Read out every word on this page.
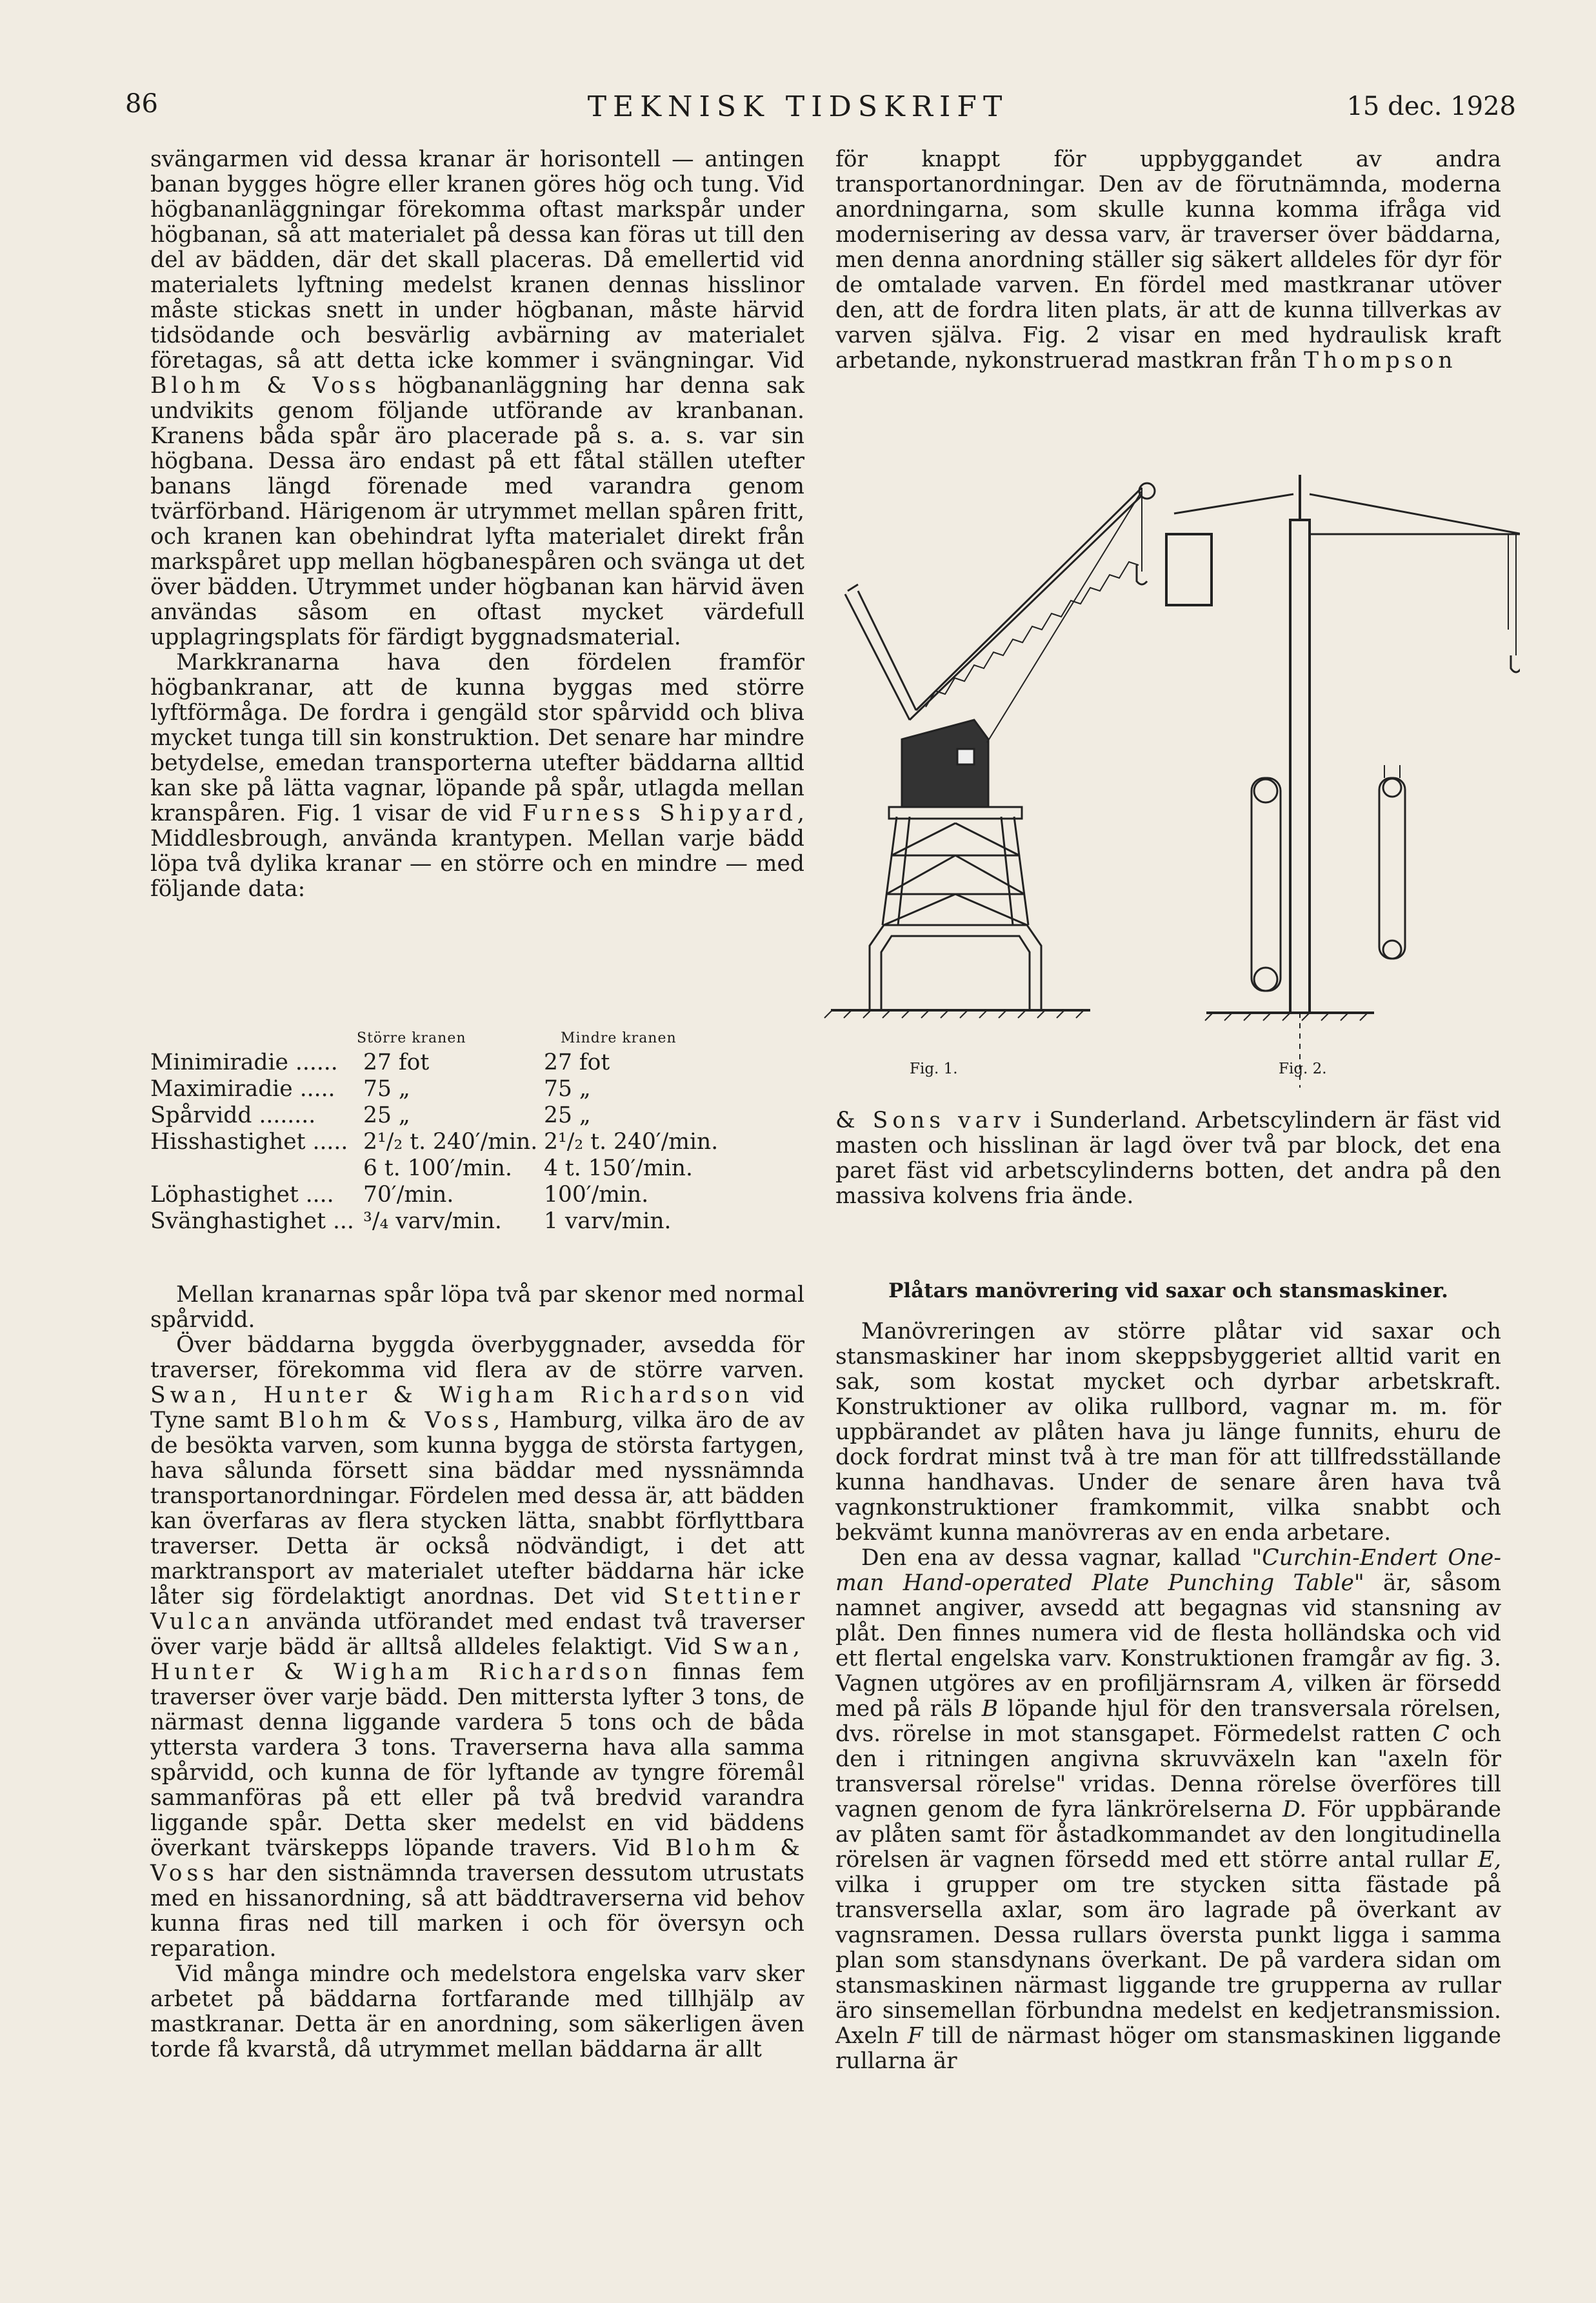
86	TEKNISK TIDSKRIFT	15 dec. 1928

svängarmen vid dessa kranar är horisontell — antingen banan bygges högre eller kranen göres hög och tung. Vid högbananläggningar förekomma oftast markspår under högbanan, så att materialet på dessa kan föras ut till den del av bädden, där det skall placeras. Då emellertid vid materialets lyftning medelst kranen dennas hisslinor måste stickas snett in under högbanan, måste härvid tidsödande och besvärlig avbärning av materialet företagas, så att detta icke kommer i svängningar. Vid Blohm & Voss högbananläggning har denna sak undvikits genom följande utförande av kranbanan. Kranens båda spår äro placerade på s. a. s. var sin högbana. Dessa äro endast på ett fåtal ställen utefter banans längd förenade med varandra genom tvärförband. Härigenom är utrymmet mellan spåren fritt, och kranen kan obehindrat lyfta materialet direkt från markspåret upp mellan högbanespåren och svänga ut det över bädden. Utrymmet under högbanan kan härvid även användas såsom en oftast mycket värdefull upplagringsplats för färdigt byggnadsmaterial.

Markkranarna hava den fördelen framför högbankranar, att de kunna byggas med större lyftförmåga. De fordra i gengäld stor spårvidd och bliva mycket tunga till sin konstruktion. Det senare har mindre betydelse, emedan transporterna utefter bäddarna alltid kan ske på lätta vagnar, löpande på spår, utlagda mellan kranspåren. Fig. 1 visar de vid Furness Shipyard, Middlesbrough, använda krantypen. Mellan varje bädd löpa två dylika kranar — en större och en mindre — med följande data:

Större kranen		Mindre kranen
Minimiradie ......	27 fot	27 fot
Maximiradie .....	75 „	75 „
Spårvidd ........	25 „	25 „
Hisshastighet .....	2¹/₂ t. 240′/min.	2¹/₂ t. 240′/min.
	6 t. 100′/min.	4 t. 150′/min.
Löphastighet ....	70′/min.	100′/min.
Svänghastighet ...	³/₄ varv/min.	1 varv/min.

Mellan kranarnas spår löpa två par skenor med normal spårvidd.

Över bäddarna byggda överbyggnader, avsedda för traverser, förekomma vid flera av de större varven. Swan, Hunter & Wigham Richardson vid Tyne samt Blohm & Voss, Hamburg, vilka äro de av de besökta varven, som kunna bygga de största fartygen, hava sålunda försett sina bäddar med nyssnämnda transportanordningar. Fördelen med dessa är, att bädden kan överfaras av flera stycken lätta, snabbt förflyttbara traverser. Detta är också nödvändigt, i det att marktransport av materialet utefter bäddarna här icke låter sig fördelaktigt anordnas. Det vid Stettiner Vulcan använda utförandet med endast två traverser över varje bädd är alltså alldeles felaktigt. Vid Swan, Hunter & Wigham Richardson finnas fem traverser över varje bädd. Den mittersta lyfter 3 tons, de närmast denna liggande vardera 5 tons och de båda yttersta vardera 3 tons. Traverserna hava alla samma spårvidd, och kunna de för lyftande av tyngre föremål sammanföras på ett eller på två bredvid varandra liggande spår. Detta sker medelst en vid bäddens överkant tvärskepps löpande travers. Vid Blohm & Voss har den sistnämnda traversen dessutom utrustats med en hissanordning, så att bäddtraverserna vid behov kunna firas ned till marken i och för översyn och reparation.

Vid många mindre och medelstora engelska varv sker arbetet på bäddarna fortfarande med tillhjälp av mastkranar. Detta är en anordning, som säkerligen även torde få kvarstå, då utrymmet mellan bäddarna är allt

för knappt för uppbyggandet av andra transportanordningar. Den av de förutnämnda, moderna anordningarna, som skulle kunna komma ifråga vid modernisering av dessa varv, är traverser över bäddarna, men denna anordning ställer sig säkert alldeles för dyr för de omtalade varven. En fördel med mastkranar utöver den, att de fordra liten plats, är att de kunna tillverkas av varven själva. Fig. 2 visar en med hydraulisk kraft arbetande, nykonstruerad mastkran från Thompson

Fig. 1.	Fig. 2.

& Sons varv i Sunderland. Arbetscylindern är fäst vid masten och hisslinan är lagd över två par block, det ena paret fäst vid arbetscylinderns botten, det andra på den massiva kolvens fria ände.

Plåtars manövrering vid saxar och stansmaskiner.

Manövreringen av större plåtar vid saxar och stansmaskiner har inom skeppsbyggeriet alltid varit en sak, som kostat mycket och dyrbar arbetskraft. Konstruktioner av olika rullbord, vagnar m. m. för uppbärandet av plåten hava ju länge funnits, ehuru de dock fordrat minst två à tre man för att tillfredsställande kunna handhavas. Under de senare åren hava två vagnkonstruktioner framkommit, vilka snabbt och bekvämt kunna manövreras av en enda arbetare.

Den ena av dessa vagnar, kallad "Curchin-Endert One-man Hand-operated Plate Punching Table" är, såsom namnet angiver, avsedd att begagnas vid stansning av plåt. Den finnes numera vid de flesta holländska och vid ett flertal engelska varv. Konstruktionen framgår av fig. 3. Vagnen utgöres av en profiljärnsram A, vilken är försedd med på räls B löpande hjul för den transversala rörelsen, dvs. rörelse in mot stansgapet. Förmedelst ratten C och den i ritningen angivna skruvväxeln kan "axeln för transversal rörelse" vridas. Denna rörelse överföres till vagnen genom de fyra länkrörelserna D. För uppbärande av plåten samt för åstadkommandet av den longitudinella rörelsen är vagnen försedd med ett större antal rullar E, vilka i grupper om tre stycken sitta fästade på transversella axlar, som äro lagrade på överkant av vagnsramen. Dessa rullars översta punkt ligga i samma plan som stansdynans överkant. De på vardera sidan om stansmaskinen närmast liggande tre grupperna av rullar äro sinsemellan förbundna medelst en kedjetransmission. Axeln F till de närmast höger om stansmaskinen liggande rullarna är
